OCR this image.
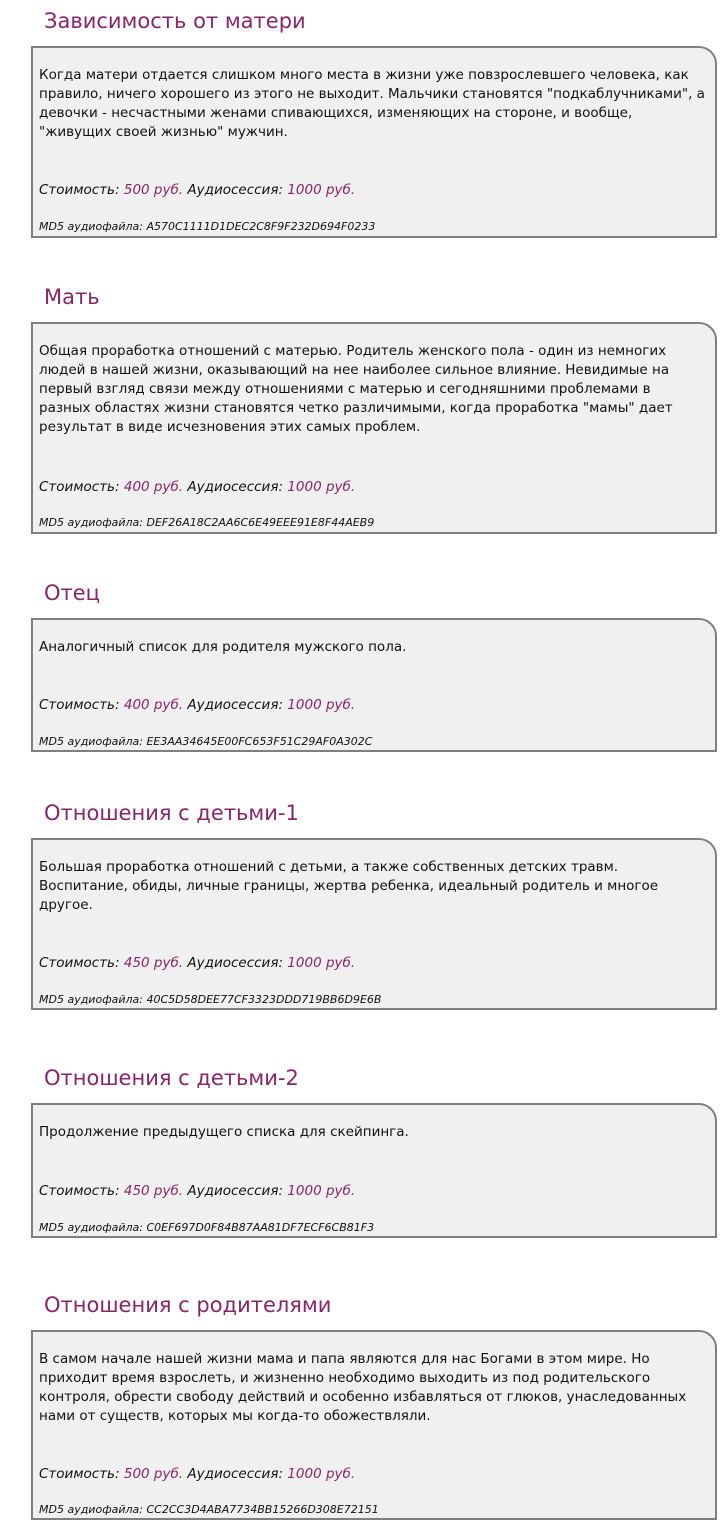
Зависимость от матери

Когда матери отдается слишком много места в жизни уже повзрослевшего человека, как правило, ничего хорошего из этого не выходит. Мальчики становятся "подкаблучниками", а девочки - несчастными женами спивающихся, изменяющих на стороне, и вообще, "живущих своей жизнью" мужчин.

Стоимость: 500 руб. Аудиосессия: 1000 руб.
MD5 аудиофайла: A570C1111D1DEC2C8F9F232D694F0233
Мать

Общая проработка отношений с матерью. Родитель женского пола - один из немногих людей в нашей жизни, оказывающий на нее наиболее сильное влияние. Невидимые на первый взгляд связи между отношениями с матерью и сегодняшними проблемами в разных областях жизни становятся четко различимыми, когда проработка "мамы" дает результат в виде исчезновения этих самых проблем.

Стоимость: 400 руб. Аудиосессия: 1000 руб.
MD5 аудиофайла: DEF26A18C2AA6C6E49EEE91E8F44AEB9
Отец

Аналогичный список для родителя мужского пола.

Стоимость: 400 руб. Аудиосессия: 1000 руб.
MD5 аудиофайла: EE3AA34645E00FC653F51C29AF0A302C
Отношения с детьми-1

Большая проработка отношений с детьми, а также собственных детских травм. Воспитание, обиды, личные границы, жертва ребенка, идеальный родитель и многое другое.

Стоимость: 450 руб. Аудиосессия: 1000 руб.
MD5 аудиофайла: 40C5D58DEE77CF3323DDD719BB6D9E6B
Отношения с детьми-2

Продолжение предыдущего списка для скейпинга.

Стоимость: 450 руб. Аудиосессия: 1000 руб.
MD5 аудиофайла: C0EF697D0F84B87AA81DF7ECF6CB81F3
Отношения с родителями

В самом начале нашей жизни мама и папа являются для нас Богами в этом мире. Но приходит время взрослеть, и жизненно необходимо выходить из под родительского контроля, обрести свободу действий и особенно избавляться от глюков, унаследованных нами от существ, которых мы когда-то обожествляли.

Стоимость: 500 руб. Аудиосессия: 1000 руб.
MD5 аудиофайла: CC2CC3D4ABA7734BB15266D308E72151
